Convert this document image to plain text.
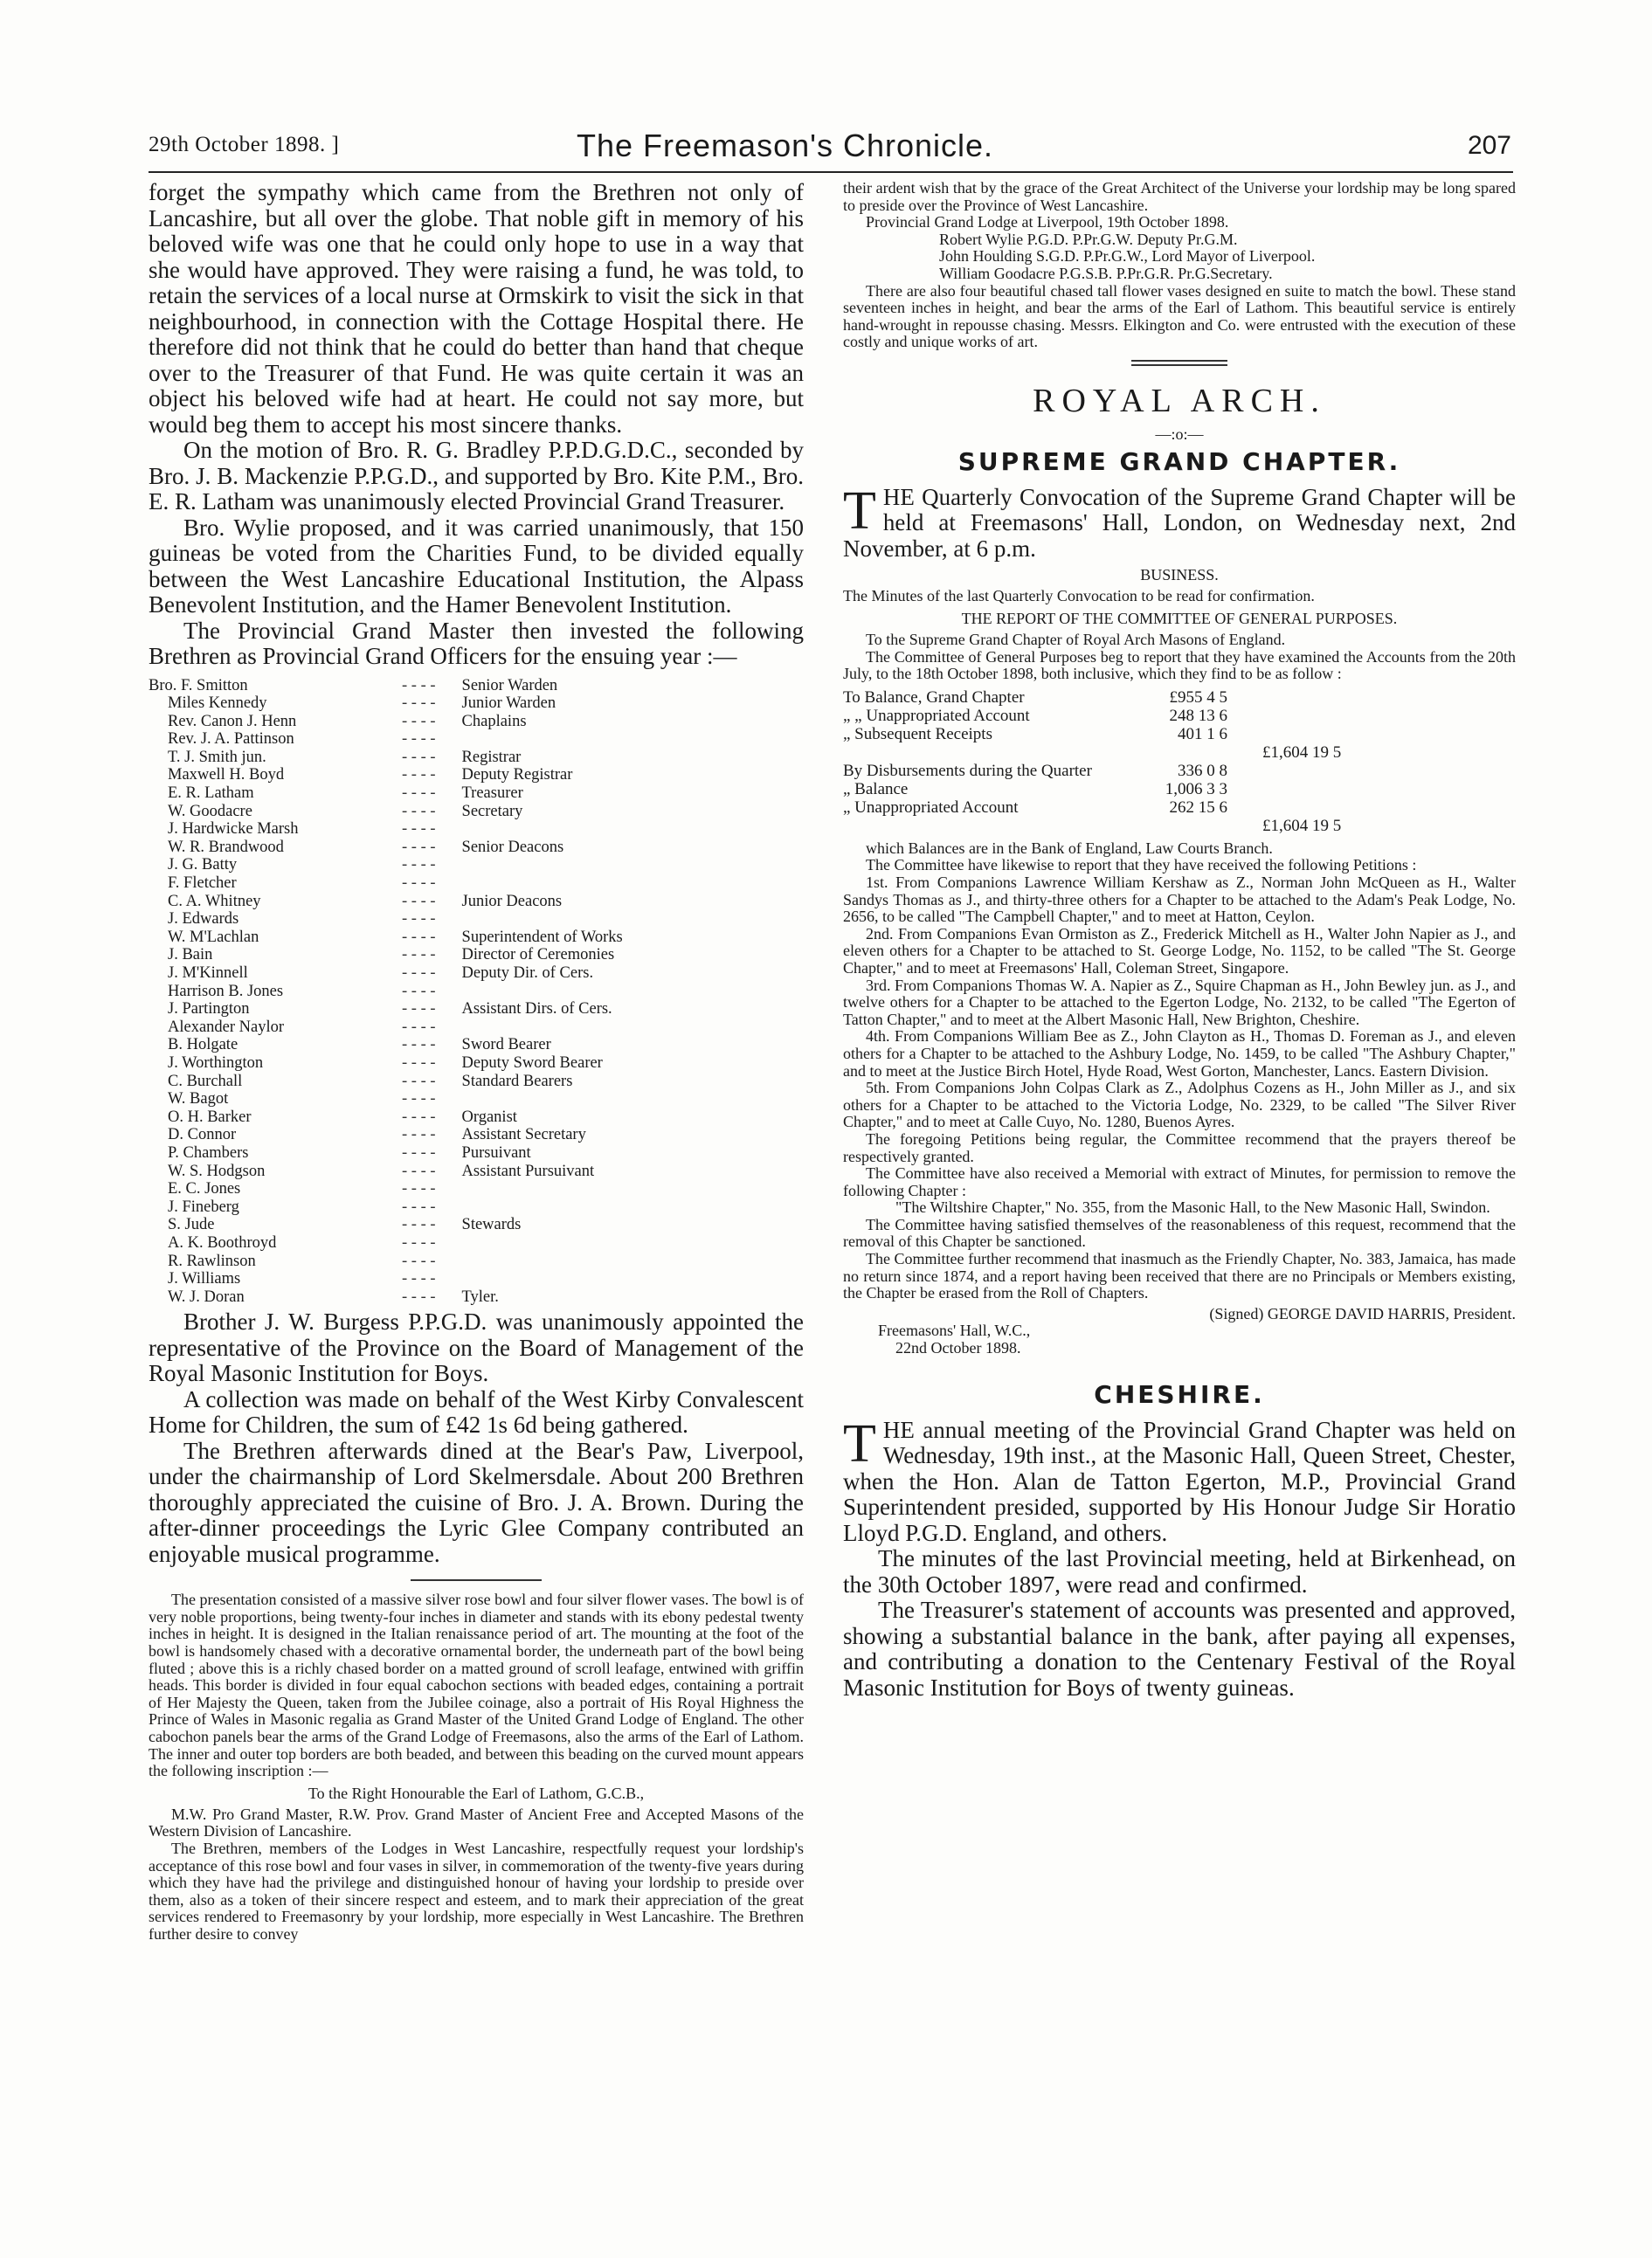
29th October 1898. ]	The Freemason's Chronicle.	207

forget the sympathy which came from the Brethren not only of Lancashire, but all over the globe. That noble gift in memory of his beloved wife was one that he could only hope to use in a way that she would have approved. They were raising a fund, he was told, to retain the services of a local nurse at Ormskirk to visit the sick in that neighbourhood, in connection with the Cottage Hospital there. He therefore did not think that he could do better than hand that cheque over to the Treasurer of that Fund. He was quite certain it was an object his beloved wife had at heart. He could not say more, but would beg them to accept his most sincere thanks.

On the motion of Bro. R. G. Bradley P.P.D.G.D.C., seconded by Bro. J. B. Mackenzie P.P.G.D., and supported by Bro. Kite P.M., Bro. E. R. Latham was unanimously elected Provincial Grand Treasurer.

Bro. Wylie proposed, and it was carried unanimously, that 150 guineas be voted from the Charities Fund, to be divided equally between the West Lancashire Educational Institution, the Alpass Benevolent Institution, and the Hamer Benevolent Institution.

The Provincial Grand Master then invested the following Brethren as Provincial Grand Officers for the ensuing year :—

Bro. F. Smitton	- - - -	Senior Warden
Miles Kennedy	- - - -	Junior Warden
Rev. Canon J. Henn	- - - -	Chaplains
Rev. J. A. Pattinson	- - - -
T. J. Smith jun.	- - - -	Registrar
Maxwell H. Boyd	- - - -	Deputy Registrar
E. R. Latham	- - - -	Treasurer
W. Goodacre	- - - -	Secretary
J. Hardwicke Marsh	- - - -
W. R. Brandwood	- - - -	Senior Deacons
J. G. Batty	- - - -
F. Fletcher	- - - -
C. A. Whitney	- - - -	Junior Deacons
J. Edwards	- - - -
W. M'Lachlan	- - - -	Superintendent of Works
J. Bain	- - - -	Director of Ceremonies
J. M'Kinnell	- - - -	Deputy Dir. of Cers.
Harrison B. Jones	- - - -
J. Partington	- - - -	Assistant Dirs. of Cers.
Alexander Naylor	- - - -
B. Holgate	- - - -	Sword Bearer
J. Worthington	- - - -	Deputy Sword Bearer
C. Burchall	- - - -	Standard Bearers
W. Bagot	- - - -
O. H. Barker	- - - -	Organist
D. Connor	- - - -	Assistant Secretary
P. Chambers	- - - -	Pursuivant
W. S. Hodgson	- - - -	Assistant Pursuivant
E. C. Jones	- - - -
J. Fineberg	- - - -
S. Jude	- - - -	Stewards
A. K. Boothroyd	- - - -
R. Rawlinson	- - - -
J. Williams	- - - -
W. J. Doran	- - - -	Tyler.

Brother J. W. Burgess P.P.G.D. was unanimously appointed the representative of the Province on the Board of Management of the Royal Masonic Institution for Boys.

A collection was made on behalf of the West Kirby Convalescent Home for Children, the sum of £42 1s 6d being gathered.

The Brethren afterwards dined at the Bear's Paw, Liverpool, under the chairmanship of Lord Skelmersdale. About 200 Brethren thoroughly appreciated the cuisine of Bro. J. A. Brown. During the after-dinner proceedings the Lyric Glee Company contributed an enjoyable musical programme.

The presentation consisted of a massive silver rose bowl and four silver flower vases. The bowl is of very noble proportions, being twenty-four inches in diameter and stands with its ebony pedestal twenty inches in height. It is designed in the Italian renaissance period of art. The mounting at the foot of the bowl is handsomely chased with a decorative ornamental border, the underneath part of the bowl being fluted ; above this is a richly chased border on a matted ground of scroll leafage, entwined with griffin heads. This border is divided in four equal cabochon sections with beaded edges, containing a portrait of Her Majesty the Queen, taken from the Jubilee coinage, also a portrait of His Royal Highness the Prince of Wales in Masonic regalia as Grand Master of the United Grand Lodge of England. The other cabochon panels bear the arms of the Grand Lodge of Freemasons, also the arms of the Earl of Lathom. The inner and outer top borders are both beaded, and between this beading on the curved mount appears the following inscription :—

To the Right Honourable the Earl of Lathom, G.C.B.,

M.W. Pro Grand Master, R.W. Prov. Grand Master of Ancient Free and Accepted Masons of the Western Division of Lancashire.

The Brethren, members of the Lodges in West Lancashire, respectfully request your lordship's acceptance of this rose bowl and four vases in silver, in commemoration of the twenty-five years during which they have had the privilege and distinguished honour of having your lordship to preside over them, also as a token of their sincere respect and esteem, and to mark their appreciation of the great services rendered to Freemasonry by your lordship, more especially in West Lancashire. The Brethren further desire to convey

their ardent wish that by the grace of the Great Architect of the Universe your lordship may be long spared to preside over the Province of West Lancashire.

Provincial Grand Lodge at Liverpool, 19th October 1898.

Robert Wylie P.G.D. P.Pr.G.W. Deputy Pr.G.M.

John Houlding S.G.D. P.Pr.G.W., Lord Mayor of Liverpool.

William Goodacre P.G.S.B. P.Pr.G.R. Pr.G.Secretary.

There are also four beautiful chased tall flower vases designed en suite to match the bowl. These stand seventeen inches in height, and bear the arms of the Earl of Lathom. This beautiful service is entirely hand-wrought in repousse chasing. Messrs. Elkington and Co. were entrusted with the execution of these costly and unique works of art.

ROYAL ARCH.
—:o:—
SUPREME GRAND CHAPTER.

THE Quarterly Convocation of the Supreme Grand Chapter will be held at Freemasons' Hall, London, on Wednesday next, 2nd November, at 6 p.m.

BUSINESS.

The Minutes of the last Quarterly Convocation to be read for confirmation.

THE REPORT OF THE COMMITTEE OF GENERAL PURPOSES.

To the Supreme Grand Chapter of Royal Arch Masons of England.

The Committee of General Purposes beg to report that they have examined the Accounts from the 20th July, to the 18th October 1898, both inclusive, which they find to be as follow :

To Balance, Grand Chapter	£955 4 5
„ „ Unappropriated Account	248 13 6
„ Subsequent Receipts	401 1 6
£1,604 19 5
By Disbursements during the Quarter	336 0 8
„ Balance	1,006 3 3
„ Unappropriated Account	262 15 6
£1,604 19 5

which Balances are in the Bank of England, Law Courts Branch.

The Committee have likewise to report that they have received the following Petitions :

1st. From Companions Lawrence William Kershaw as Z., Norman John McQueen as H., Walter Sandys Thomas as J., and thirty-three others for a Chapter to be attached to the Adam's Peak Lodge, No. 2656, to be called "The Campbell Chapter," and to meet at Hatton, Ceylon.

2nd. From Companions Evan Ormiston as Z., Frederick Mitchell as H., Walter John Napier as J., and eleven others for a Chapter to be attached to St. George Lodge, No. 1152, to be called "The St. George Chapter," and to meet at Freemasons' Hall, Coleman Street, Singapore.

3rd. From Companions Thomas W. A. Napier as Z., Squire Chapman as H., John Bewley jun. as J., and twelve others for a Chapter to be attached to the Egerton Lodge, No. 2132, to be called "The Egerton of Tatton Chapter," and to meet at the Albert Masonic Hall, New Brighton, Cheshire.

4th. From Companions William Bee as Z., John Clayton as H., Thomas D. Foreman as J., and eleven others for a Chapter to be attached to the Ashbury Lodge, No. 1459, to be called "The Ashbury Chapter," and to meet at the Justice Birch Hotel, Hyde Road, West Gorton, Manchester, Lancs. Eastern Division.

5th. From Companions John Colpas Clark as Z., Adolphus Cozens as H., John Miller as J., and six others for a Chapter to be attached to the Victoria Lodge, No. 2329, to be called "The Silver River Chapter," and to meet at Calle Cuyo, No. 1280, Buenos Ayres.

The foregoing Petitions being regular, the Committee recommend that the prayers thereof be respectively granted.

The Committee have also received a Memorial with extract of Minutes, for permission to remove the following Chapter :

"The Wiltshire Chapter," No. 355, from the Masonic Hall, to the New Masonic Hall, Swindon.

The Committee having satisfied themselves of the reasonableness of this request, recommend that the removal of this Chapter be sanctioned.

The Committee further recommend that inasmuch as the Friendly Chapter, No. 383, Jamaica, has made no return since 1874, and a report having been received that there are no Principals or Members existing, the Chapter be erased from the Roll of Chapters.

(Signed) GEORGE DAVID HARRIS, President.

Freemasons' Hall, W.C.,

22nd October 1898.

CHESHIRE.

THE annual meeting of the Provincial Grand Chapter was held on Wednesday, 19th inst., at the Masonic Hall, Queen Street, Chester, when the Hon. Alan de Tatton Egerton, M.P., Provincial Grand Superintendent presided, supported by His Honour Judge Sir Horatio Lloyd P.G.D. England, and others.

The minutes of the last Provincial meeting, held at Birkenhead, on the 30th October 1897, were read and confirmed.

The Treasurer's statement of accounts was presented and approved, showing a substantial balance in the bank, after paying all expenses, and contributing a donation to the Centenary Festival of the Royal Masonic Institution for Boys of twenty guineas.
